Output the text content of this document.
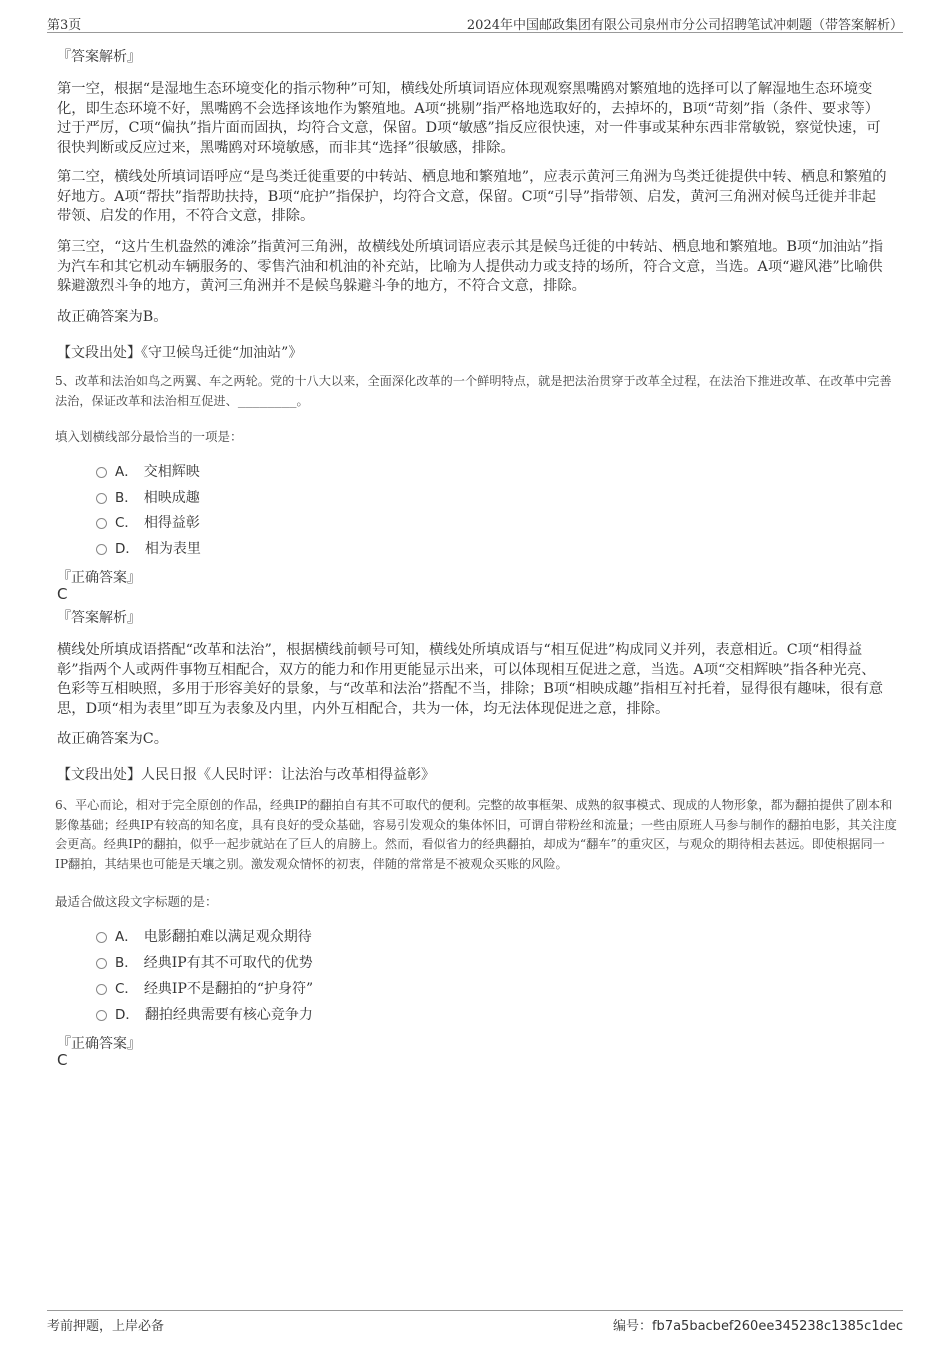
第3页	2024年中国邮政集团有限公司泉州市分公司招聘笔试冲刺题（带答案解析）
『答案解析』
第一空，根据“是湿地生态环境变化的指示物种”可知，横线处所填词语应体现观察黑嘴鸥对繁殖地的选择可以了解湿地生态环境变化，即生态环境不好，黑嘴鸥不会选择该地作为繁殖地。A项“挑剔”指严格地选取好的，去掉坏的，B项“苛刻”指（条件、要求等）过于严厉，C项“偏执”指片面而固执，均符合文意，保留。D项“敏感”指反应很快速，对一件事或某种东西非常敏锐，察觉快速，可很快判断或反应过来，黑嘴鸥对环境敏感，而非其“选择”很敏感，排除。
第二空，横线处所填词语呼应“是鸟类迁徙重要的中转站、栖息地和繁殖地”，应表示黄河三角洲为鸟类迁徙提供中转、栖息和繁殖的好地方。A项“帮扶”指帮助扶持，B项“庇护”指保护，均符合文意，保留。C项“引导”指带领、启发，黄河三角洲对候鸟迁徙并非起带领、启发的作用，不符合文意，排除。
第三空，“这片生机盎然的滩涂”指黄河三角洲，故横线处所填词语应表示其是候鸟迁徙的中转站、栖息地和繁殖地。B项“加油站”指为汽车和其它机动车辆服务的、零售汽油和机油的补充站，比喻为人提供动力或支持的场所，符合文意，当选。A项“避风港”比喻供躲避激烈斗争的地方，黄河三角洲并不是候鸟躲避斗争的地方，不符合文意，排除。
故正确答案为B。
【文段出处】《守卫候鸟迁徙“加油站”》
5、改革和法治如鸟之两翼、车之两轮。党的十八大以来，全面深化改革的一个鲜明特点，就是把法治贯穿于改革全过程，在法治下推进改革、在改革中完善法治，保证改革和法治相互促进、________。
填入划横线部分最恰当的一项是：
A． 交相辉映
B． 相映成趣
C． 相得益彰
D． 相为表里
『正确答案』
C
『答案解析』
横线处所填成语搭配“改革和法治”，根据横线前顿号可知，横线处所填成语与“相互促进”构成同义并列，表意相近。C项“相得益彰”指两个人或两件事物互相配合，双方的能力和作用更能显示出来，可以体现相互促进之意，当选。A项“交相辉映”指各种光亮、色彩等互相映照，多用于形容美好的景象，与“改革和法治”搭配不当，排除；B项“相映成趣”指相互衬托着，显得很有趣味，很有意思，D项“相为表里”即互为表象及内里，内外互相配合，共为一体，均无法体现促进之意，排除。
故正确答案为C。
【文段出处】人民日报《人民时评：让法治与改革相得益彰》
6、平心而论，相对于完全原创的作品，经典IP的翻拍自有其不可取代的便利。完整的故事框架、成熟的叙事模式、现成的人物形象，都为翻拍提供了剧本和影像基础；经典IP有较高的知名度，具有良好的受众基础，容易引发观众的集体怀旧，可谓自带粉丝和流量；一些由原班人马参与制作的翻拍电影，其关注度会更高。经典IP的翻拍，似乎一起步就站在了巨人的肩膀上。然而，看似省力的经典翻拍，却成为“翻车”的重灾区，与观众的期待相去甚远。即使根据同一IP翻拍，其结果也可能是天壤之别。激发观众情怀的初衷，伴随的常常是不被观众买账的风险。
最适合做这段文字标题的是：
A． 电影翻拍难以满足观众期待
B． 经典IP有其不可取代的优势
C． 经典IP不是翻拍的“护身符”
D． 翻拍经典需要有核心竞争力
『正确答案』
C
考前押题，上岸必备	编号：fb7a5bacbef260ee345238c1385c1dec
